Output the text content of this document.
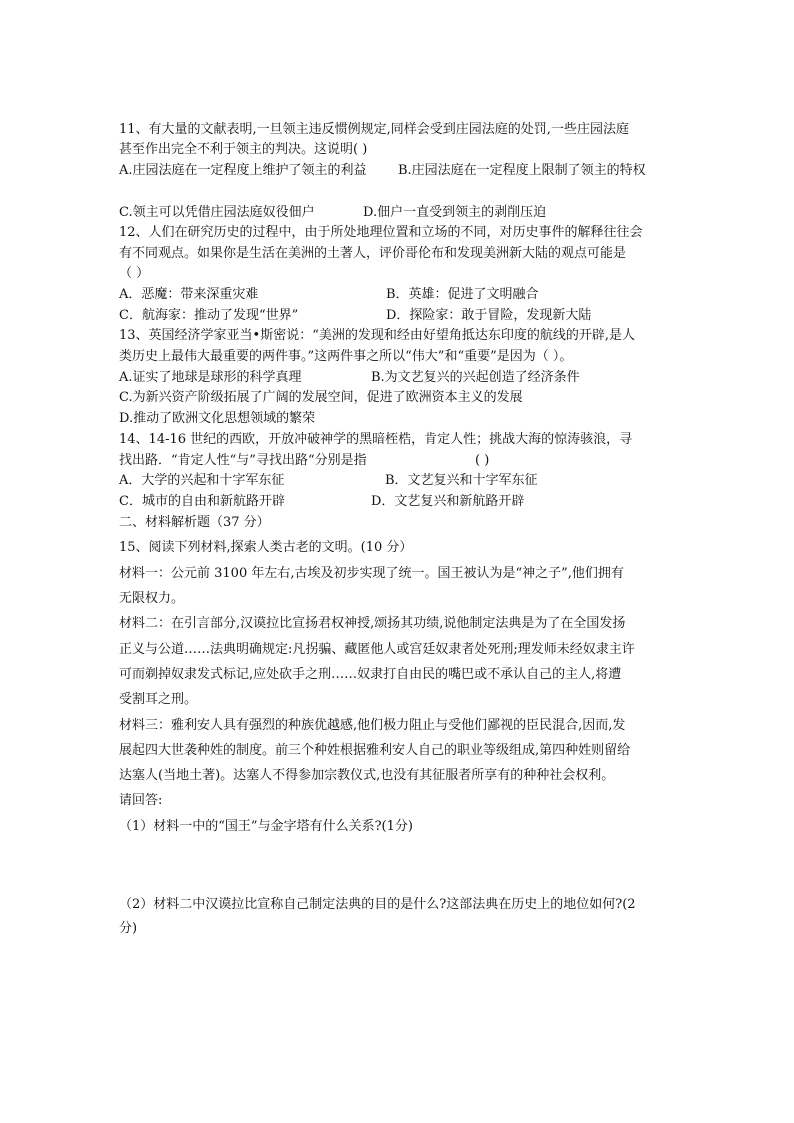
11、有大量的文献表明,一旦领主违反惯例规定,同样会受到庄园法庭的处罚,一些庄园法庭
甚至作出完全不利于领主的判决。这说明( )
A.庄园法庭在一定程度上维护了领主的利益 B.庄园法庭在一定程度上限制了领主的特权
C.领主可以凭借庄园法庭奴役佃户	D.佃户一直受到领主的剥削压迫
12、人们在研究历史的过程中，由于所处地理位置和立场的不同，对历史事件的解释往往会
有不同观点。如果你是生活在美洲的土著人，评价哥伦布和发现美洲新大陆的观点可能是
（ ）
A．恶魔：带来深重灾难	B．英雄：促进了文明融合
C．航海家：推动了发现“世界”	D．探险家：敢于冒险，发现新大陆
13、英国经济学家亚当•斯密说：“美洲的发现和经由好望角抵达东印度的航线的开辟,是人
类历史上最伟大最重要的两件事。”这两件事之所以“伟大”和“重要”是因为（ ）。
A.证实了地球是球形的科学真理	B.为文艺复兴的兴起创造了经济条件
C.为新兴资产阶级拓展了广阔的发展空间，促进了欧洲资本主义的发展
D.推动了欧洲文化思想领域的繁荣
14、14-16 世纪的西欧，开放冲破神学的黑暗桎梏，肯定人性；挑战大海的惊涛骇浪，寻
找出路．“肯定人性“与”寻找出路“分别是指	( )
A．大学的兴起和十字军东征	B．文艺复兴和十字军东征
C．城市的自由和新航路开辟	D．文艺复兴和新航路开辟
二、材料解析题（37 分）
15、阅读下列材料,探索人类古老的文明。(10 分）
材料一：公元前 3100 年左右,古埃及初步实现了统一。国王被认为是“神之子”,他们拥有
无限权力。
材料二：在引言部分,汉谟拉比宣扬君权神授,颂扬其功绩,说他制定法典是为了在全国发扬
正义与公道……法典明确规定:凡拐骗、藏匿他人或宫廷奴隶者处死刑;理发师未经奴隶主许
可而剃掉奴隶发式标记,应处砍手之刑……奴隶打自由民的嘴巴或不承认自己的主人,将遭
受割耳之刑。
材料三：雅利安人具有强烈的种族优越感,他们极力阻止与受他们鄙视的臣民混合,因而,发
展起四大世袭种姓的制度。前三个种姓根据雅利安人自己的职业等级组成,第四种姓则留给
达塞人(当地土著)。达塞人不得参加宗教仪式,也没有其征服者所享有的种种社会权利。
请回答:
（1）材料一中的“国王”与金字塔有什么关系?(1分)
（2）材料二中汉谟拉比宣称自己制定法典的目的是什么?这部法典在历史上的地位如何?(2
分)
